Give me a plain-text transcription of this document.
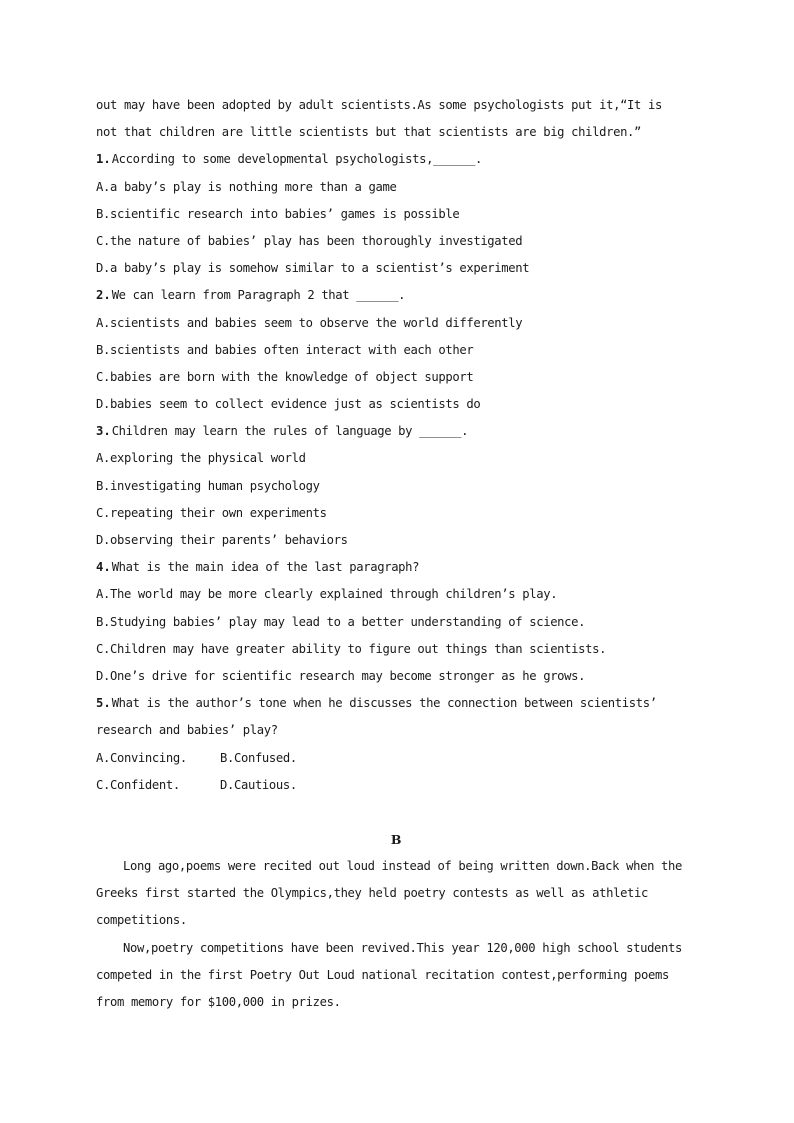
out may have been adopted by adult scientists.As some psychologists put it,“It is
not that children are little scientists but that scientists are big children.”
1.According to some developmental psychologists,______.
A.a baby’s play is nothing more than a game
B.scientific research into babies’ games is possible
C.the nature of babies’ play has been thoroughly investigated
D.a baby’s play is somehow similar to a scientist’s experiment
2.We can learn from Paragraph 2 that ______.
A.scientists and babies seem to observe the world differently
B.scientists and babies often interact with each other
C.babies are born with the knowledge of object support
D.babies seem to collect evidence just as scientists do
3.Children may learn the rules of language by ______.
A.exploring the physical world
B.investigating human psychology
C.repeating their own experiments
D.observing their parents’ behaviors
4.What is the main idea of the last paragraph?
A.The world may be more clearly explained through children’s play.
B.Studying babies’ play may lead to a better understanding of science.
C.Children may have greater ability to figure out things than scientists.
D.One’s drive for scientific research may become stronger as he grows.
5.What is the author’s tone when he discusses the connection between scientists’
research and babies’ play?
A.Convincing.	B.Confused.
C.Confident.	D.Cautious.
B
Long ago,poems were recited out loud instead of being written down.Back when the
Greeks first started the Olympics,they held poetry contests as well as athletic
competitions.
Now,poetry competitions have been revived.This year 120,000 high school students
competed in the first Poetry Out Loud national recitation contest,performing poems
from memory for $100,000 in prizes.
